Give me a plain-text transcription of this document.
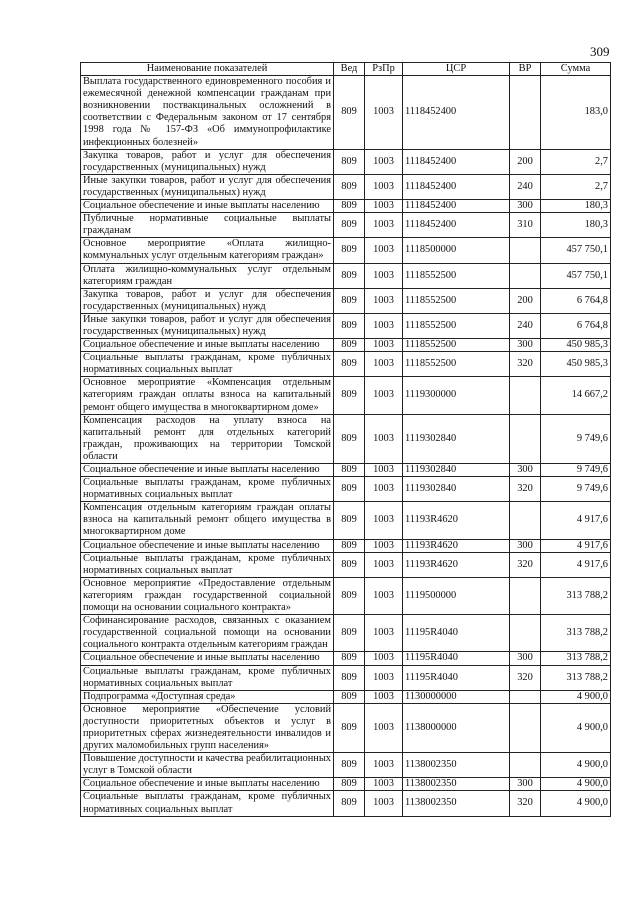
309
Наименование показателей	Вед	РзПр	ЦСР	ВР	Сумма
Выплата государственного единовременного пособия и ежемесячной денежной компенсации гражданам при возникновении поствакцинальных осложнений в соответствии с Федеральным законом от 17 сентября 1998 года № 157-ФЗ «Об иммунопрофилактике инфекционных болезней»	809	1003	1118452400		183,0
Закупка товаров, работ и услуг для обеспечения государственных (муниципальных) нужд	809	1003	1118452400	200	2,7
Иные закупки товаров, работ и услуг для обеспечения государственных (муниципальных) нужд	809	1003	1118452400	240	2,7
Социальное обеспечение и иные выплаты населению	809	1003	1118452400	300	180,3
Публичные нормативные социальные выплаты гражданам	809	1003	1118452400	310	180,3
Основное мероприятие «Оплата жилищно-коммунальных услуг отдельным категориям граждан»	809	1003	1118500000		457 750,1
Оплата жилищно-коммунальных услуг отдельным категориям граждан	809	1003	1118552500		457 750,1
Закупка товаров, работ и услуг для обеспечения государственных (муниципальных) нужд	809	1003	1118552500	200	6 764,8
Иные закупки товаров, работ и услуг для обеспечения государственных (муниципальных) нужд	809	1003	1118552500	240	6 764,8
Социальное обеспечение и иные выплаты населению	809	1003	1118552500	300	450 985,3
Социальные выплаты гражданам, кроме публичных нормативных социальных выплат	809	1003	1118552500	320	450 985,3
Основное мероприятие «Компенсация отдельным категориям граждан оплаты взноса на капитальный ремонт общего имущества в многоквартирном доме»	809	1003	1119300000		14 667,2
Компенсация расходов на уплату взноса на капитальный ремонт для отдельных категорий граждан, проживающих на территории Томской области	809	1003	1119302840		9 749,6
Социальное обеспечение и иные выплаты населению	809	1003	1119302840	300	9 749,6
Социальные выплаты гражданам, кроме публичных нормативных социальных выплат	809	1003	1119302840	320	9 749,6
Компенсация отдельным категориям граждан оплаты взноса на капитальный ремонт общего имущества в многоквартирном доме	809	1003	11193R4620		4 917,6
Социальное обеспечение и иные выплаты населению	809	1003	11193R4620	300	4 917,6
Социальные выплаты гражданам, кроме публичных нормативных социальных выплат	809	1003	11193R4620	320	4 917,6
Основное мероприятие «Предоставление отдельным категориям граждан государственной социальной помощи на основании социального контракта»	809	1003	1119500000		313 788,2
Софинансирование расходов, связанных с оказанием государственной социальной помощи на основании социального контракта отдельным категориям граждан	809	1003	11195R4040		313 788,2
Социальное обеспечение и иные выплаты населению	809	1003	11195R4040	300	313 788,2
Социальные выплаты гражданам, кроме публичных нормативных социальных выплат	809	1003	11195R4040	320	313 788,2
Подпрограмма «Доступная среда»	809	1003	1130000000		4 900,0
Основное мероприятие «Обеспечение условий доступности приоритетных объектов и услуг в приоритетных сферах жизнедеятельности инвалидов и других маломобильных групп населения»	809	1003	1138000000		4 900,0
Повышение доступности и качества реабилитационных услуг в Томской области	809	1003	1138002350		4 900,0
Социальное обеспечение и иные выплаты населению	809	1003	1138002350	300	4 900,0
Социальные выплаты гражданам, кроме публичных нормативных социальных выплат	809	1003	1138002350	320	4 900,0
